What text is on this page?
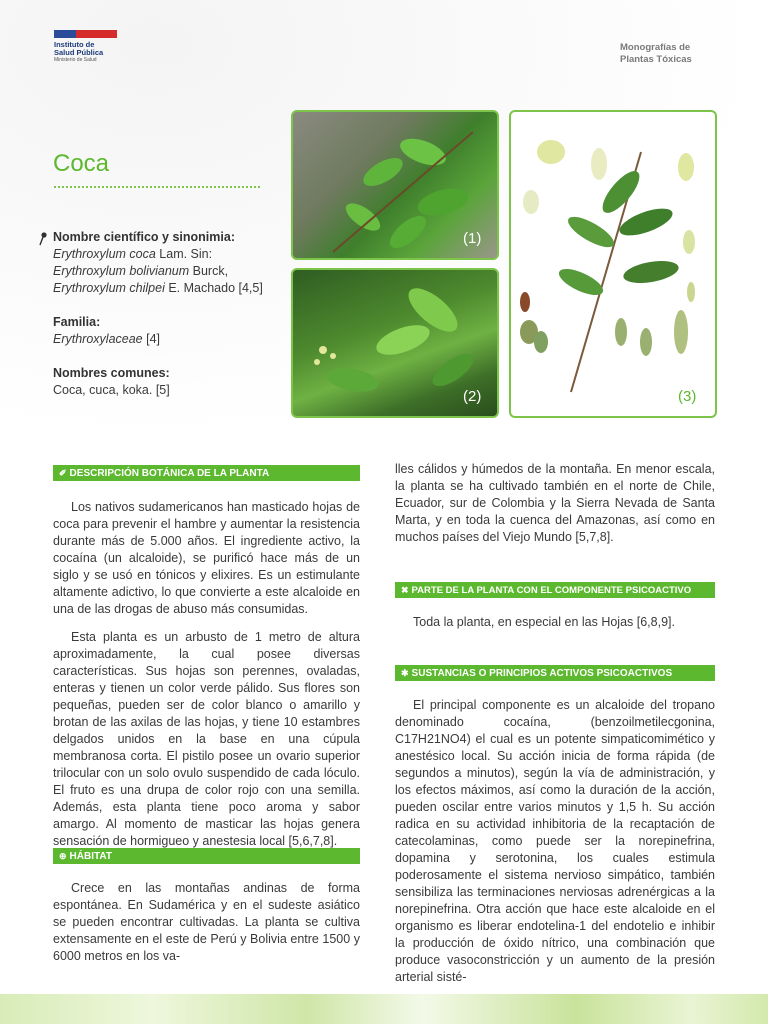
Instituto de
Salud Pública
Ministerio de Salud
Monografías de
Plantas Tóxicas
Coca
Nombre científico y sinonimia:
Erythroxylum coca Lam. Sin:
Erythroxylum bolivianum Burck,
Erythroxylum chilpei E. Machado [4,5]
Familia:
Erythroxylaceae [4]
Nombres comunes:
Coca, cuca, koka. [5]
(1)
(2)	(3)
✐ DESCRIPCIÓN BOTÁNICA DE LA PLANTA

Los nativos sudamericanos han masticado hojas de coca para prevenir el hambre y aumentar la resistencia durante más de 5.000 años. El ingrediente activo, la cocaína (un alcaloide), se purificó hace más de un siglo y se usó en tónicos y elixires. Es un estimulante altamente adictivo, lo que convierte a este alcaloide en una de las drogas de abuso más consumidas.

Esta planta es un arbusto de 1 metro de altura aproximadamente, la cual posee diversas características. Sus hojas son perennes, ovaladas, enteras y tienen un color verde pálido. Sus flores son pequeñas, pueden ser de color blanco o amarillo y brotan de las axilas de las hojas, y tiene 10 estambres delgados unidos en la base en una cúpula membranosa corta. El pistilo posee un ovario superior trilocular con un solo ovulo suspendido de cada lóculo. El fruto es una drupa de color rojo con una semilla. Además, esta planta tiene poco aroma y sabor amargo. Al momento de masticar las hojas genera sensación de hormigueo y anestesia local [5,6,7,8].

⊕ HÁBITAT

Crece en las montañas andinas de forma espontánea. En Sudamérica y en el sudeste asiático se pueden encontrar cultivadas. La planta se cultiva extensamente en el este de Perú y Bolivia entre 1500 y 6000 metros en los va-

lles cálidos y húmedos de la montaña. En menor escala, la planta se ha cultivado también en el norte de Chile, Ecuador, sur de Colombia y la Sierra Nevada de Santa Marta, y en toda la cuenca del Amazonas, así como en muchos países del Viejo Mundo [5,7,8].

✖ PARTE DE LA PLANTA CON EL COMPONENTE PSICOACTIVO

Toda la planta, en especial en las Hojas [6,8,9].

✱ SUSTANCIAS O PRINCIPIOS ACTIVOS PSICOACTIVOS

El principal componente es un alcaloide del tropano denominado cocaína, (benzoilmetilecgonina, C17H21NO4) el cual es un potente simpaticomimético y anestésico local. Su acción inicia de forma rápida (de segundos a minutos), según la vía de administración, y los efectos máximos, así como la duración de la acción, pueden oscilar entre varios minutos y 1,5 h. Su acción radica en su actividad inhibitoria de la recaptación de catecolaminas, como puede ser la norepinefrina, dopamina y serotonina, los cuales estimula poderosamente el sistema nervioso simpático, también sensibiliza las terminaciones nerviosas adrenérgicas a la norepinefrina. Otra acción que hace este alcaloide en el organismo es liberar endotelina-1 del endotelio e inhibir la producción de óxido nítrico, una combinación que produce vasoconstricción y un aumento de la presión arterial sisté-
